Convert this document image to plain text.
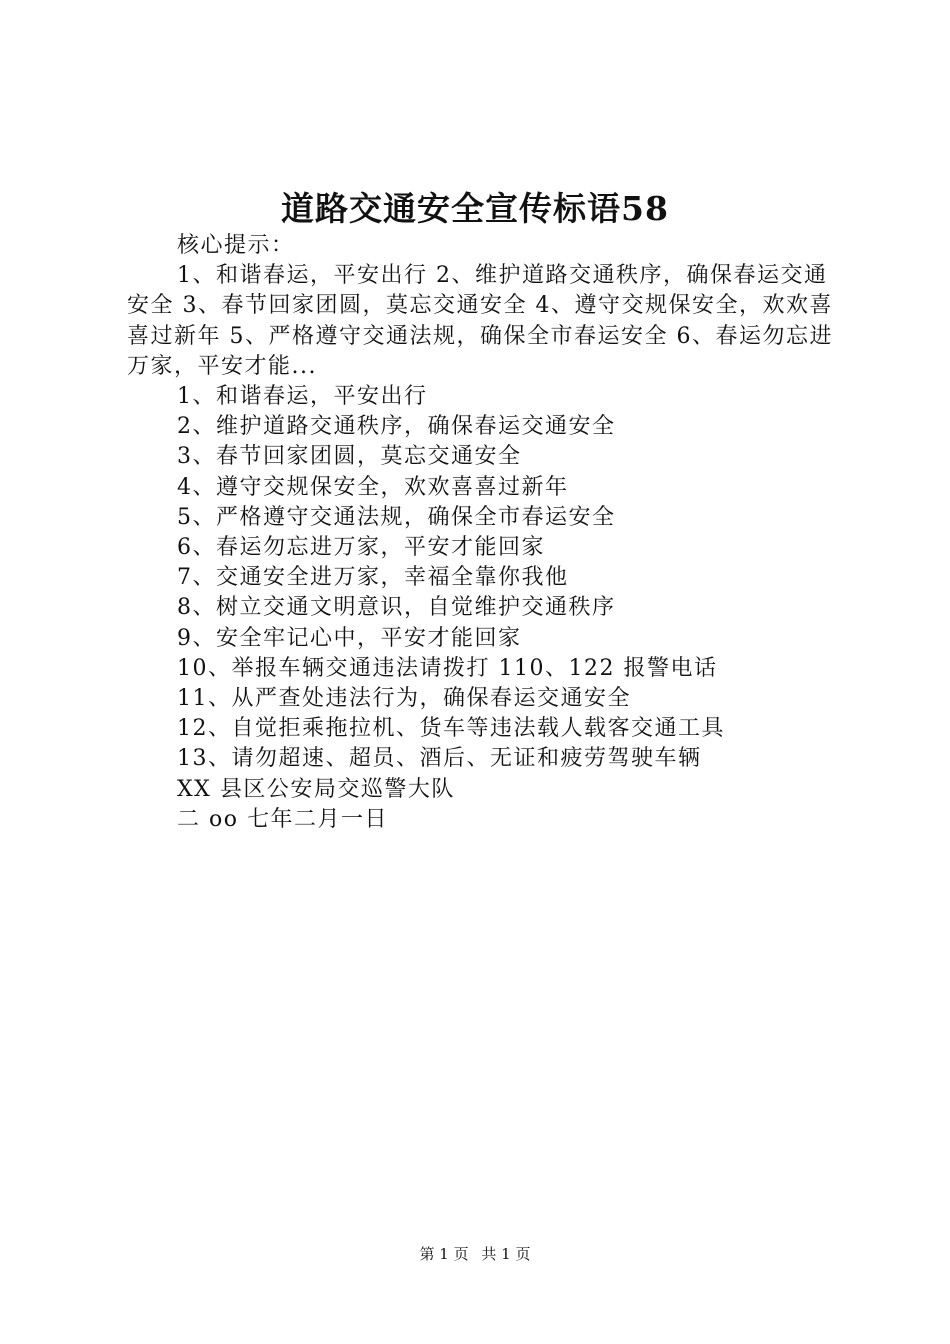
道路交通安全宣传标语58

核心提示：

1、和谐春运，平安出行 2、维护道路交通秩序，确保春运交通安全 3、春节回家团圆，莫忘交通安全 4、遵守交规保安全，欢欢喜喜过新年 5、严格遵守交通法规，确保全市春运安全 6、春运勿忘进万家，平安才能...

1、和谐春运，平安出行

2、维护道路交通秩序，确保春运交通安全

3、春节回家团圆，莫忘交通安全

4、遵守交规保安全，欢欢喜喜过新年

5、严格遵守交通法规，确保全市春运安全

6、春运勿忘进万家，平安才能回家

7、交通安全进万家，幸福全靠你我他

8、树立交通文明意识，自觉维护交通秩序

9、安全牢记心中，平安才能回家

10、举报车辆交通违法请拨打 110、122 报警电话

11、从严查处违法行为，确保春运交通安全

12、自觉拒乘拖拉机、货车等违法载人载客交通工具

13、请勿超速、超员、酒后、无证和疲劳驾驶车辆

XX 县区公安局交巡警大队

二 oo 七年二月一日

第 1 页 共 1 页
